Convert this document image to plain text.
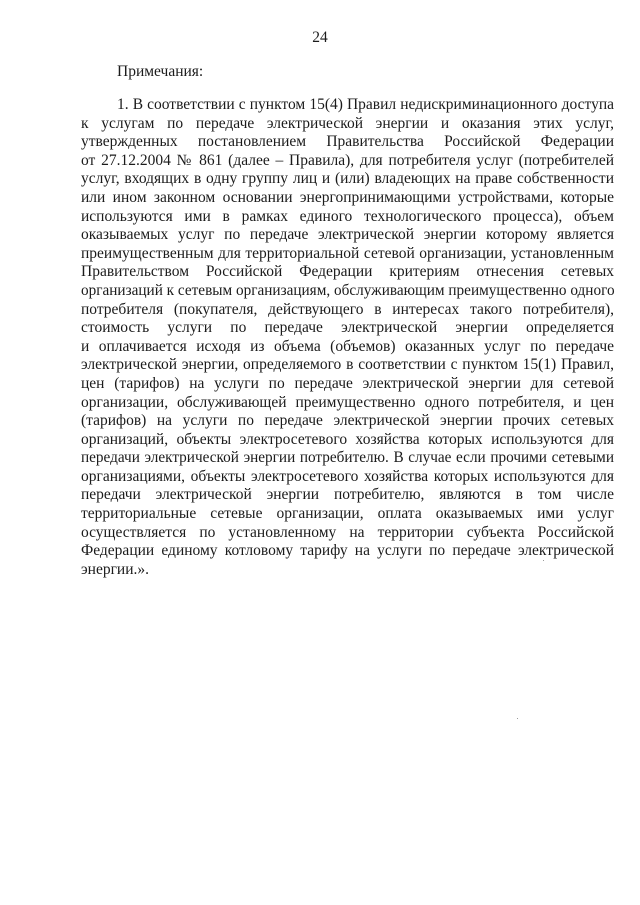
24
Примечания:
1. В соответствии с пунктом 15(4) Правил недискриминационного доступа
к услугам по передаче электрической энергии и оказания этих услуг,
утвержденных постановлением Правительства Российской Федерации
от 27.12.2004 № 861 (далее – Правила), для потребителя услуг (потребителей
услуг, входящих в одну группу лиц и (или) владеющих на праве собственности
или ином законном основании энергопринимающими устройствами, которые
используются ими в рамках единого технологического процесса), объем
оказываемых услуг по передаче электрической энергии которому является
преимущественным для территориальной сетевой организации, установленным
Правительством Российской Федерации критериям отнесения сетевых
организаций к сетевым организациям, обслуживающим преимущественно одного
потребителя (покупателя, действующего в интересах такого потребителя),
стоимость услуги по передаче электрической энергии определяется
и оплачивается исходя из объема (объемов) оказанных услуг по передаче
электрической энергии, определяемого в соответствии с пунктом 15(1) Правил,
цен (тарифов) на услуги по передаче электрической энергии для сетевой
организации, обслуживающей преимущественно одного потребителя, и цен
(тарифов) на услуги по передаче электрической энергии прочих сетевых
организаций, объекты электросетевого хозяйства которых используются для
передачи электрической энергии потребителю. В случае если прочими сетевыми
организациями, объекты электросетевого хозяйства которых используются для
передачи электрической энергии потребителю, являются в том числе
территориальные сетевые организации, оплата оказываемых ими услуг
осуществляется по установленному на территории субъекта Российской
Федерации единому котловому тарифу на услуги по передаче электрической
энергии.».
